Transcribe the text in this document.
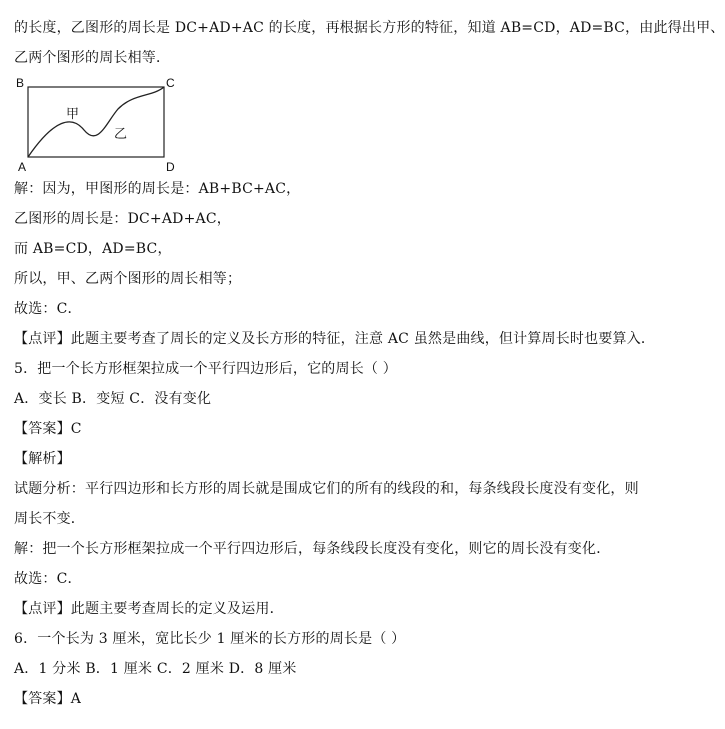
的长度，乙图形的周长是 DC+AD+AC 的长度，再根据长方形的特征，知道 AB=CD，AD=BC，由此得出甲、
乙两个图形的周长相等．
B	C
A	D
甲
乙
解：因为，甲图形的周长是：AB+BC+AC，
乙图形的周长是：DC+AD+AC，
而 AB=CD，AD=BC，
所以，甲、乙两个图形的周长相等；
故选：C．
【点评】此题主要考查了周长的定义及长方形的特征，注意 AC 虽然是曲线，但计算周长时也要算入．
5．把一个长方形框架拉成一个平行四边形后，它的周长（ ）
A．变长 B．变短 C．没有变化
【答案】C
【解析】
试题分析：平行四边形和长方形的周长就是围成它们的所有的线段的和，每条线段长度没有变化，则
周长不变．
解：把一个长方形框架拉成一个平行四边形后，每条线段长度没有变化，则它的周长没有变化．
故选：C．
【点评】此题主要考查周长的定义及运用．
6．一个长为 3 厘米，宽比长少 1 厘米的长方形的周长是（ ）
A．1 分米 B．1 厘米 C．2 厘米 D．8 厘米
【答案】A
